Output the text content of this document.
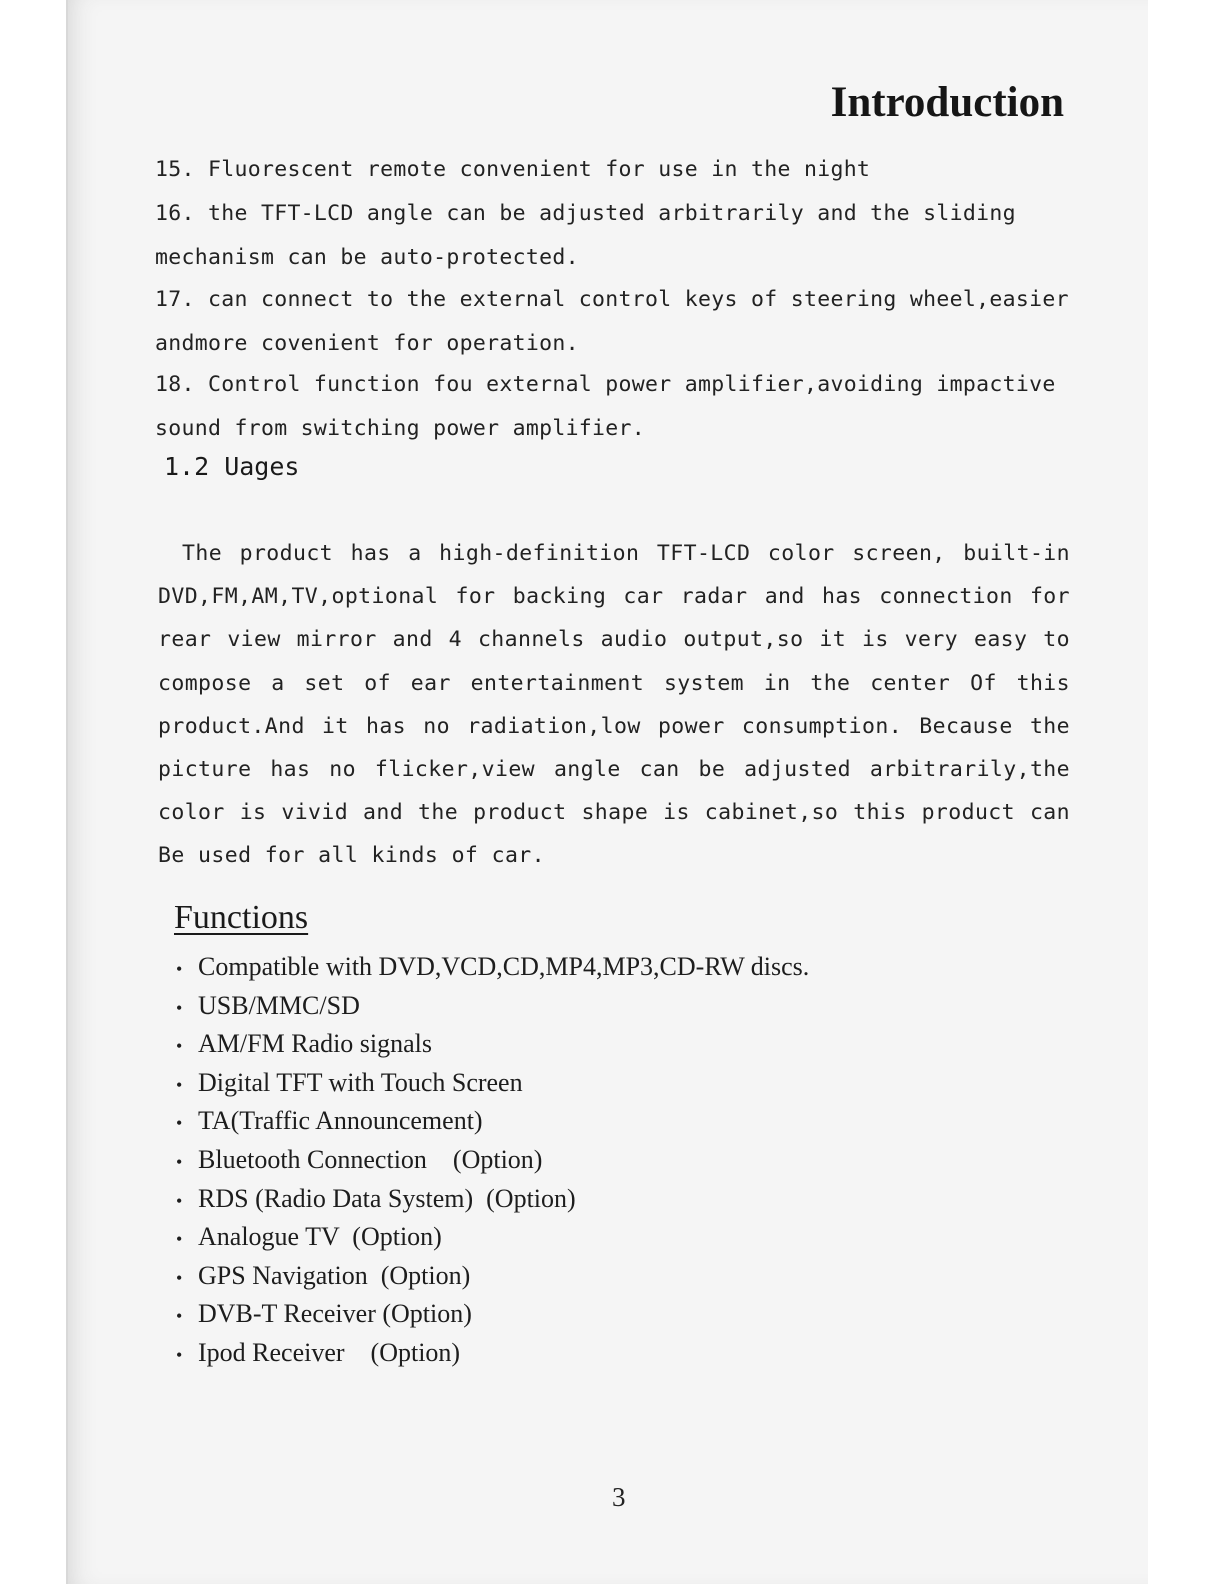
Introduction

15. Fluorescent remote convenient for use in the night

16. the TFT-LCD angle can be adjusted arbitrarily and the sliding mechanism can be auto-protected.

17. can connect to the external control keys of steering wheel,easier andmore covenient for operation.

18. Control function fou external power amplifier,avoiding impactive sound from switching power amplifier.

1.2 Uages

The product has a high-definition TFT-LCD color screen, built-in DVD,FM,AM,TV,optional for backing car radar and has connection for rear view mirror and 4 channels audio output,so it is very easy to compose a set of ear entertainment system in the center Of this product.And it has no radiation,low power consumption. Because the picture has no flicker,view angle can be adjusted arbitrarily,the color is vivid and the product shape is cabinet,so this product can Be used for all kinds of car.

Functions
• Compatible with DVD,VCD,CD,MP4,MP3,CD-RW discs.
• USB/MMC/SD
• AM/FM Radio signals
• Digital TFT with Touch Screen
• TA(Traffic Announcement)
• Bluetooth Connection    (Option)
• RDS (Radio Data System)  (Option)
• Analogue TV  (Option)
• GPS Navigation  (Option)
• DVB-T Receiver (Option)
• Ipod Receiver    (Option)

3
